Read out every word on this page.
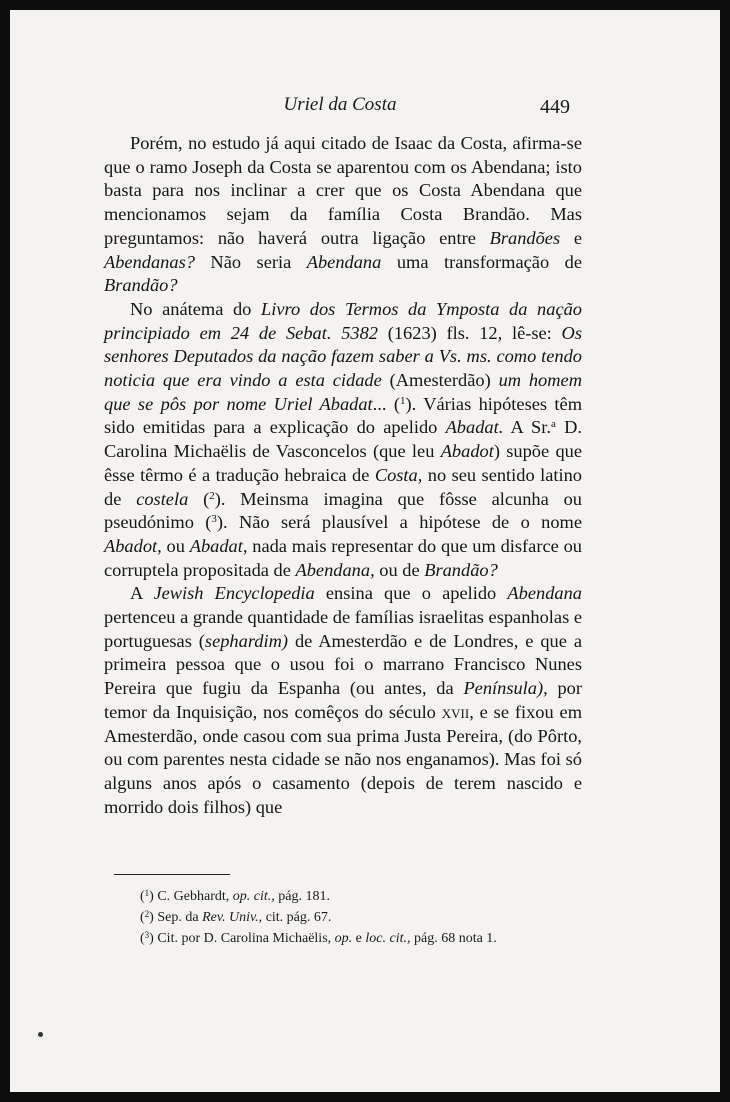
Uriel da Costa	449

Porém, no estudo já aqui citado de Isaac da Costa, afirma-se que o ramo Joseph da Costa se aparentou com os Abendana; isto basta para nos inclinar a crer que os Costa Abendana que mencionamos sejam da família Costa Brandão. Mas preguntamos: não haverá outra ligação entre Brandões e Abendanas? Não seria Abendana uma transformação de Brandão?

No anátema do Livro dos Termos da Ymposta da nação principiado em 24 de Sebat. 5382 (1623) fls. 12, lê-se: Os senhores Deputados da nação fazem saber a Vs. ms. como tendo noticia que era vindo a esta cidade (Amesterdão) um homem que se pôs por nome Uriel Abadat... ($^1$). Várias hipóteses têm sido emitidas para a explicação do apelido Abadat. A Sr.$^a$ D. Carolina Michaëlis de Vasconcelos (que leu Abadot) supõe que êsse têrmo é a tradução hebraica de Costa, no seu sentido latino de costela ($^2$). Meinsma imagina que fôsse alcunha ou pseudónimo ($^3$). Não será plausível a hipótese de o nome Abadot, ou Abadat, nada mais representar do que um disfarce ou corruptela propositada de Abendana, ou de Brandão?

A Jewish Encyclopedia ensina que o apelido Abendana pertenceu a grande quantidade de famílias israelitas espanholas e portuguesas (sephardim) de Amesterdão e de Londres, e que a primeira pessoa que o usou foi o marrano Francisco Nunes Pereira que fugiu da Espanha (ou antes, da Península), por temor da Inquisição, nos comêços do século xvii, e se fixou em Amesterdão, onde casou com sua prima Justa Pereira, (do Pôrto, ou com parentes nesta cidade se não nos enganamos). Mas foi só alguns anos após o casamento (depois de terem nascido e morrido dois filhos) que

($^1$) C. Gebhardt, op. cit., pág. 181.
($^2$) Sep. da Rev. Univ., cit. pág. 67.
($^3$) Cit. por D. Carolina Michaëlis, op. e loc. cit., pág. 68 nota 1.
